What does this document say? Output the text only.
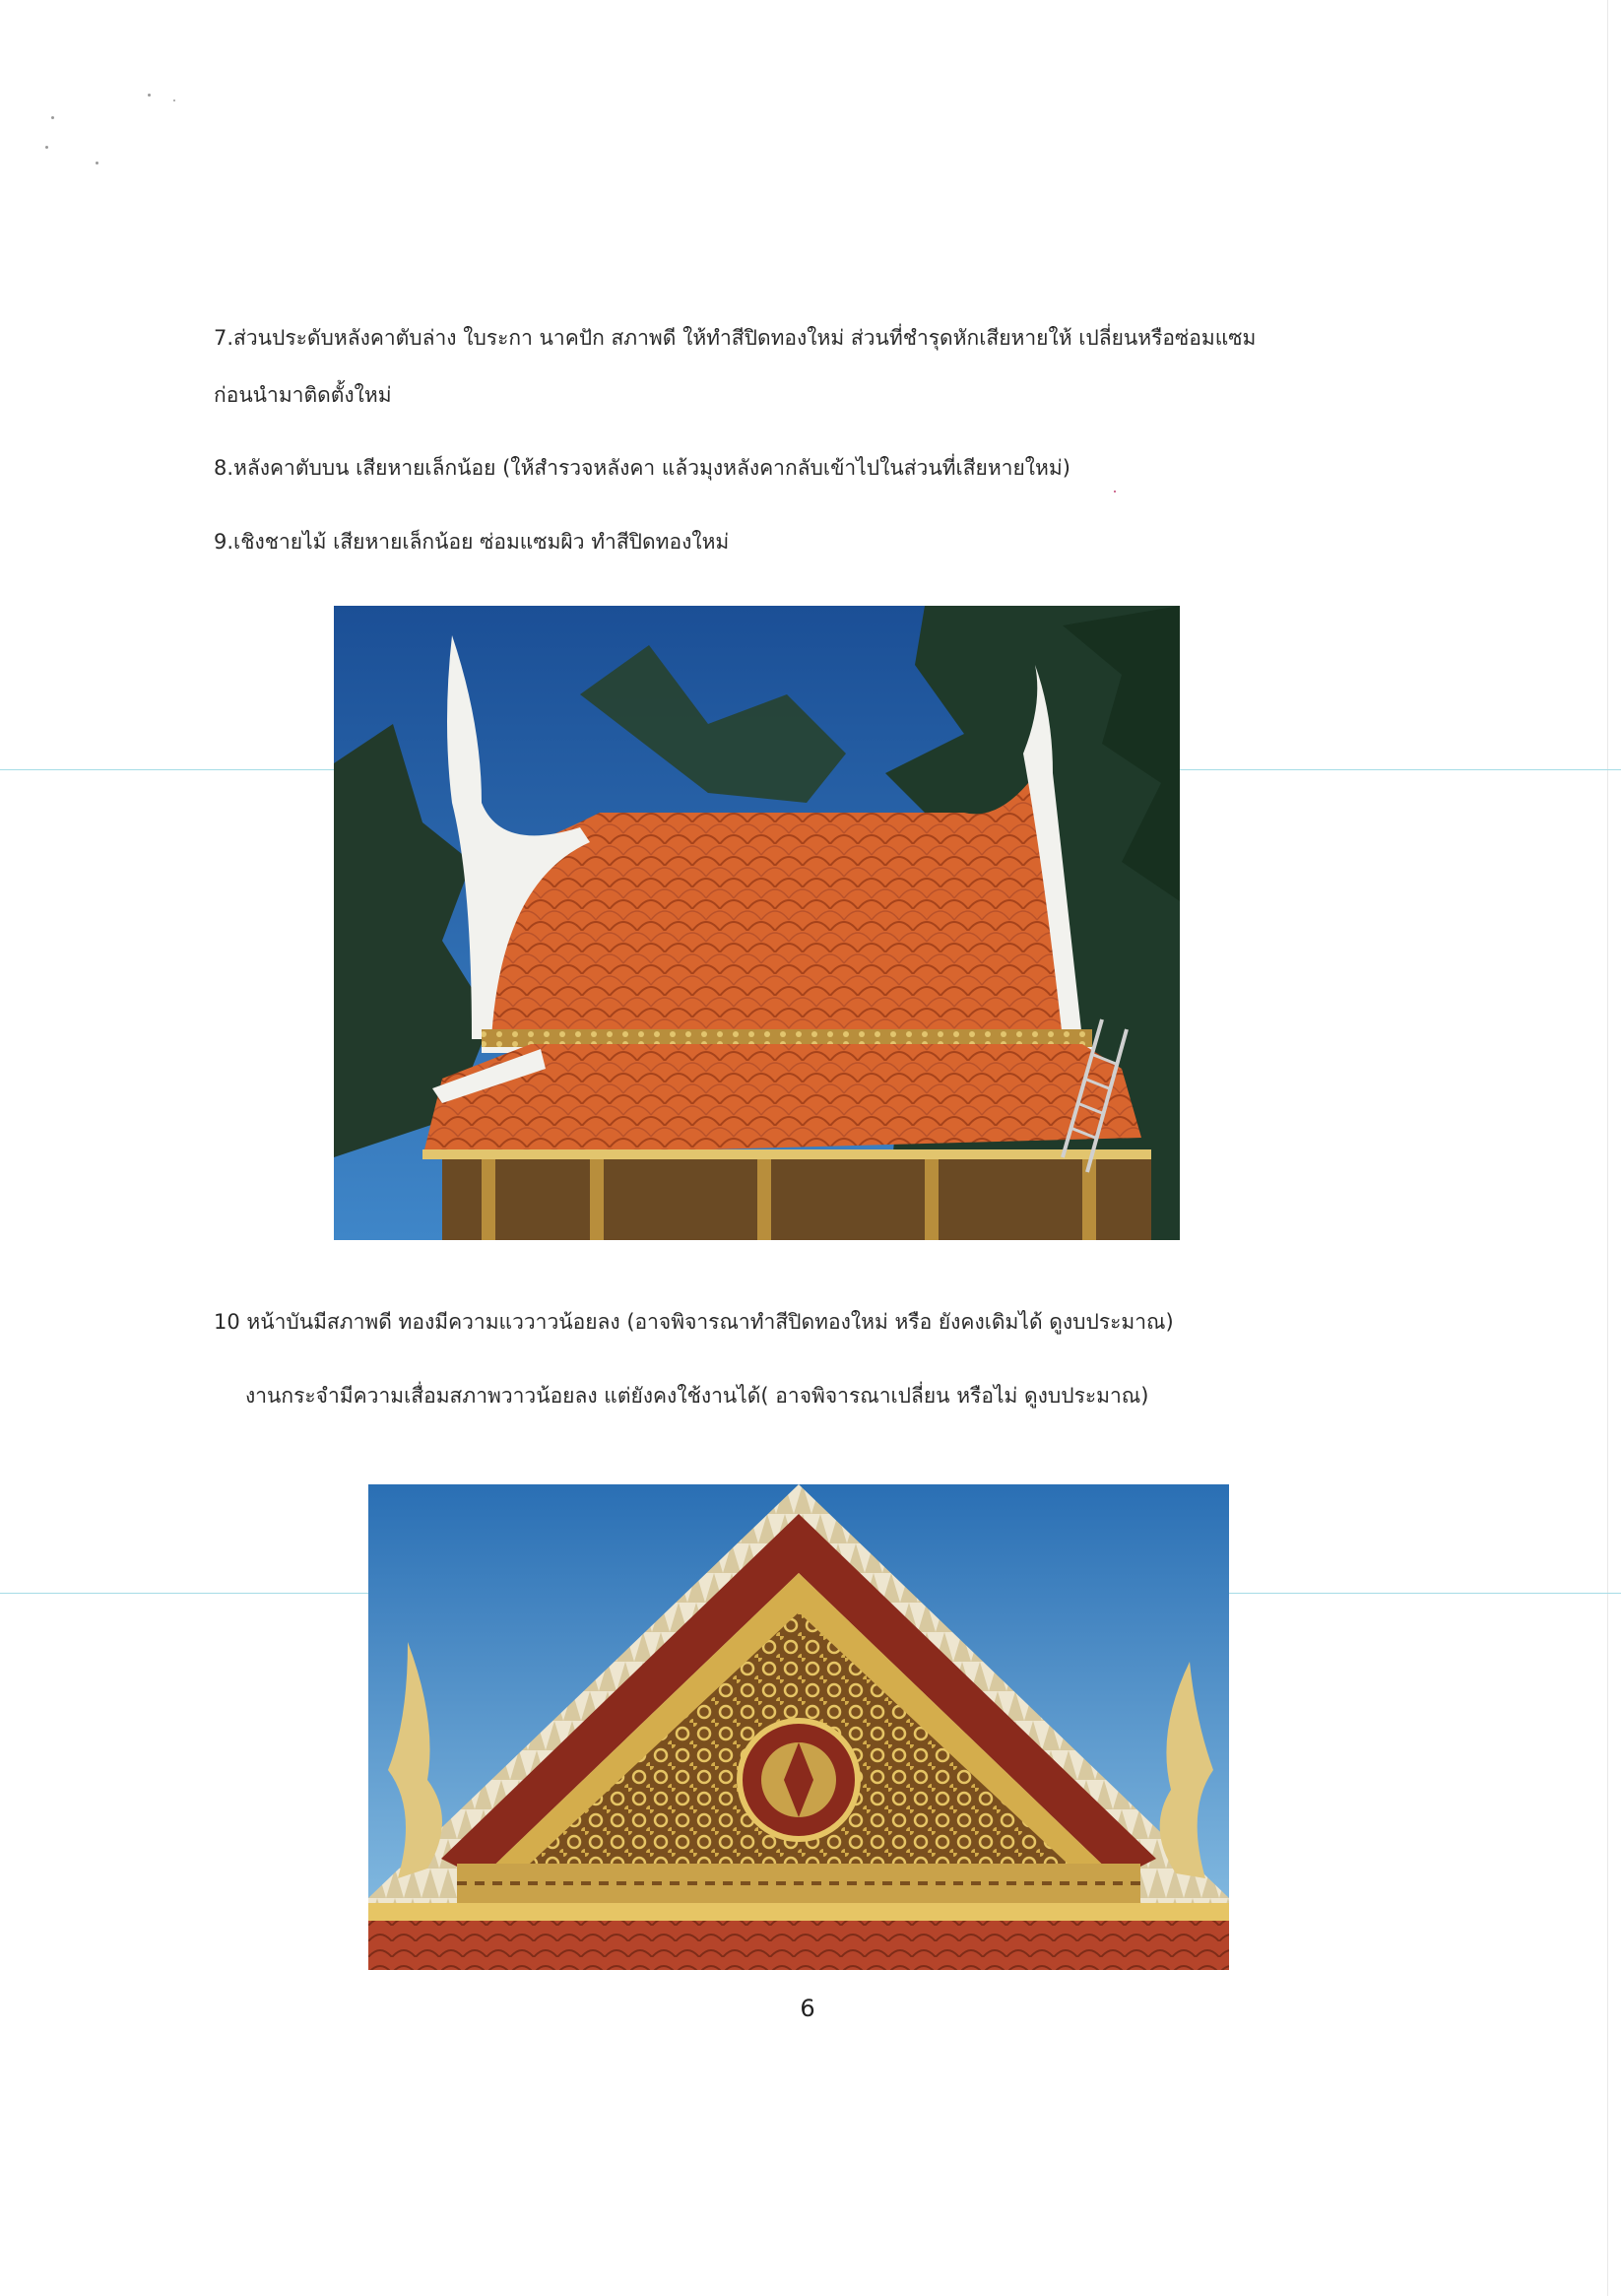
7.ส่วนประดับหลังคาตับล่าง ใบระกา นาคปัก สภาพดี ให้ทำสีปิดทองใหม่ ส่วนที่ชำรุดหักเสียหายให้ เปลี่ยนหรือซ่อมแซม

ก่อนนำมาติดตั้งใหม่

8.หลังคาตับบน เสียหายเล็กน้อย (ให้สำรวจหลังคา แล้วมุงหลังคากลับเข้าไปในส่วนที่เสียหายใหม่)

9.เชิงชายไม้ เสียหายเล็กน้อย ซ่อมแซมผิว ทำสีปิดทองใหม่

10 หน้าบันมีสภาพดี ทองมีความแววาวน้อยลง (อาจพิจารณาทำสีปิดทองใหม่ หรือ ยังคงเดิมได้ ดูงบประมาณ)

งานกระจำมีความเสื่อมสภาพวาวน้อยลง แต่ยังคงใช้งานได้( อาจพิจารณาเปลี่ยน หรือไม่ ดูงบประมาณ)

6
